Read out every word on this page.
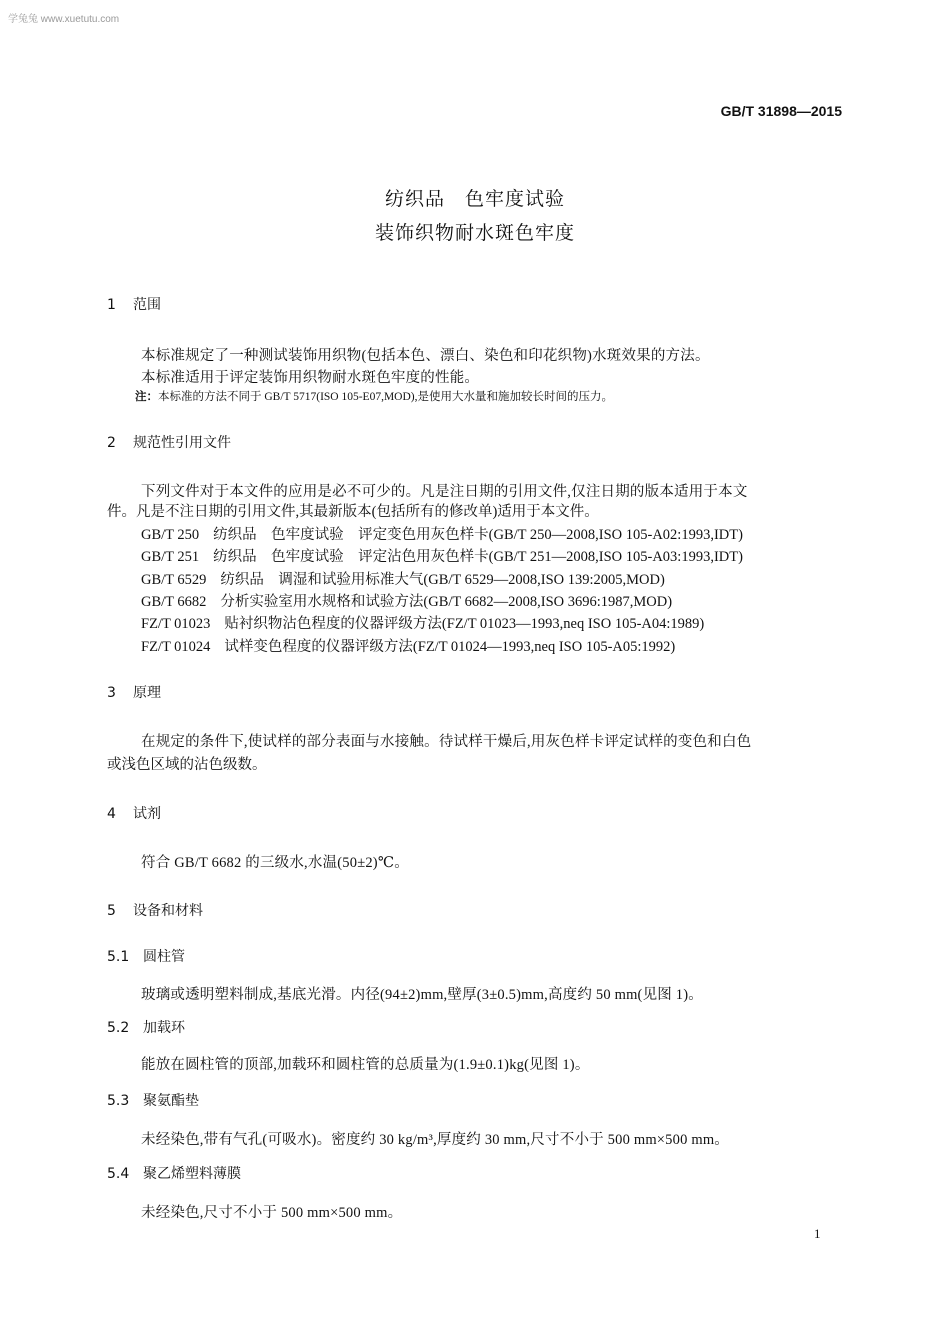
学兔兔 www.xuetutu.com
GB/T 31898—2015
纺织品　色牢度试验
装饰织物耐水斑色牢度
1 范围
本标准规定了一种测试装饰用织物(包括本色、漂白、染色和印花织物)水斑效果的方法。
本标准适用于评定装饰用织物耐水斑色牢度的性能。
注：本标准的方法不同于 GB/T 5717(ISO 105-E07,MOD),是使用大水量和施加较长时间的压力。
2 规范性引用文件
下列文件对于本文件的应用是必不可少的。凡是注日期的引用文件,仅注日期的版本适用于本文
件。凡是不注日期的引用文件,其最新版本(包括所有的修改单)适用于本文件。
GB/T 250 纺织品　色牢度试验　评定变色用灰色样卡(GB/T 250—2008,ISO 105-A02:1993,IDT)
GB/T 251 纺织品　色牢度试验　评定沾色用灰色样卡(GB/T 251—2008,ISO 105-A03:1993,IDT)
GB/T 6529 纺织品　调湿和试验用标准大气(GB/T 6529—2008,ISO 139:2005,MOD)
GB/T 6682 分析实验室用水规格和试验方法(GB/T 6682—2008,ISO 3696:1987,MOD)
FZ/T 01023 贴衬织物沾色程度的仪器评级方法(FZ/T 01023—1993,neq ISO 105-A04:1989)
FZ/T 01024 试样变色程度的仪器评级方法(FZ/T 01024—1993,neq ISO 105-A05:1992)
3 原理
在规定的条件下,使试样的部分表面与水接触。待试样干燥后,用灰色样卡评定试样的变色和白色
或浅色区域的沾色级数。
4 试剂
符合 GB/T 6682 的三级水,水温(50±2)℃。
5 设备和材料
5.1 圆柱管
玻璃或透明塑料制成,基底光滑。内径(94±2)mm,壁厚(3±0.5)mm,高度约 50 mm(见图 1)。
5.2 加载环
能放在圆柱管的顶部,加载环和圆柱管的总质量为(1.9±0.1)kg(见图 1)。
5.3 聚氨酯垫
未经染色,带有气孔(可吸水)。密度约 30 kg/m³,厚度约 30 mm,尺寸不小于 500 mm×500 mm。
5.4 聚乙烯塑料薄膜
未经染色,尺寸不小于 500 mm×500 mm。
1
